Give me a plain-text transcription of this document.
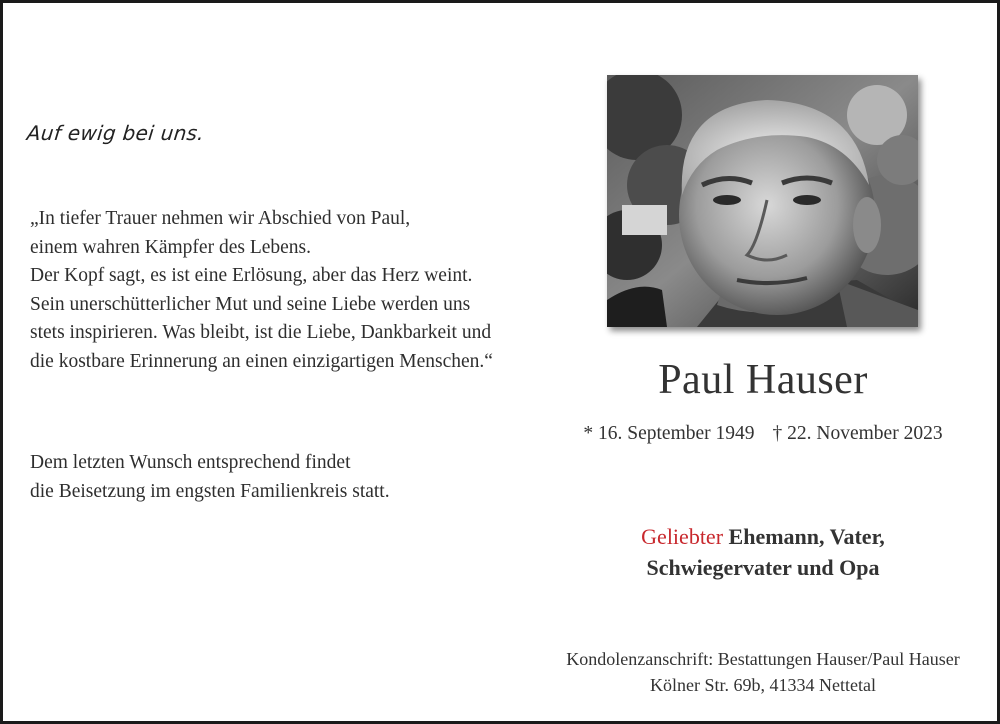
Auf ewig bei uns.
„In tiefer Trauer nehmen wir Abschied von Paul,
einem wahren Kämpfer des Lebens.
Der Kopf sagt, es ist eine Erlösung, aber das Herz weint.
Sein unerschütterlicher Mut und seine Liebe werden uns
stets inspirieren. Was bleibt, ist die Liebe, Dankbarkeit und
die kostbare Erinnerung an einen einzigartigen Menschen.“
Dem letzten Wunsch entsprechend findet
die Beisetzung im engsten Familienkreis statt.
Paul Hauser
* 16. September 1949 † 22. November 2023
Geliebter Ehemann, Vater,
Schwiegervater und Opa
Kondolenzanschrift: Bestattungen Hauser/Paul Hauser
Kölner Str. 69b, 41334 Nettetal
